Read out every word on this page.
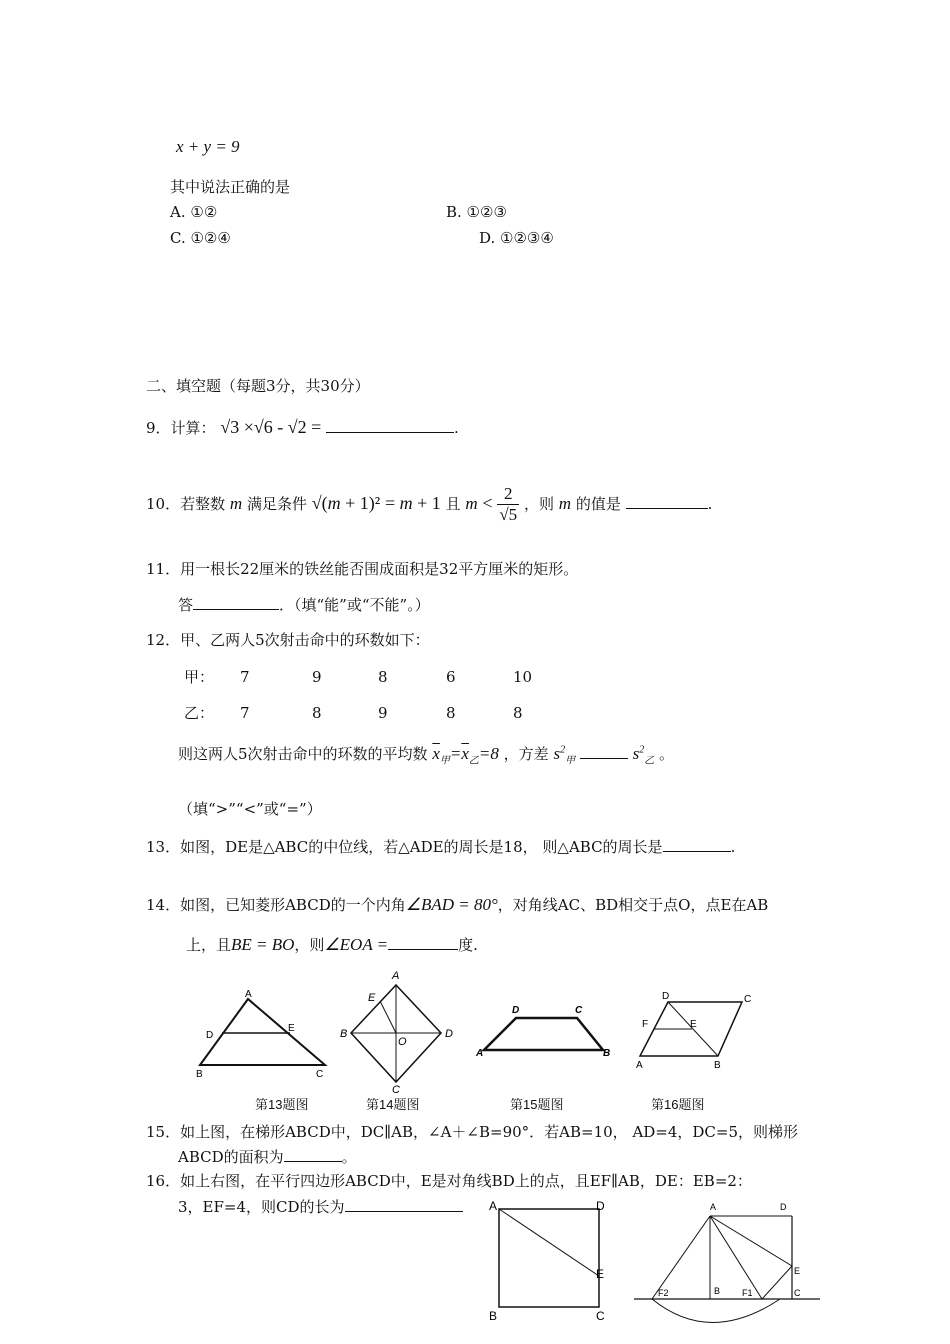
x + y = 9
其中说法正确的是
A. ①②	B. ①②③
C. ①②④	D. ①②③④
二、填空题（每题3分，共30分）
9．计算： √3 ×√6 - √2 =	.
10．若整数 m 满足条件 √(m + 1)² = m + 1 且 $m < \frac{2}{√5}$ ，则 m 的值是	.
11．用一根长22厘米的铁丝能否围成面积是32平方厘米的矩形。
答	．（填“能”或“不能”。）
12．甲、乙两人5次射击命中的环数如下：
甲： 7	9	8	6	10
乙： 7	8	9	8	8
则这两人5次射击命中的环数的平均数 $\overline{x}_甲=\overline{x}_乙=8$ ，方差 $s^2_甲$	$s^2_乙$ 。
（填“>”“<”或“=”）
13．如图，DE是△ABC的中位线，若△ADE的周长是18， 则△ABC的周长是	.
14．如图，已知菱形ABCD的一个内角∠BAD = 80°，对角线AC、BD相交于点O，点E在AB
上，且BE = BO，则∠EOA =	度.
A
D
E
B	C
A
E
B
O
D
C
D	C
A	B
D	C
F	E
A	B
第13题图	第14题图	第15题图	第16题图
15．如上图，在梯形ABCD中，DC∥AB，∠A＋∠B=90°．若AB=10， AD=4，DC=5，则梯形
ABCD的面积为	。
16．如上右图，在平行四边形ABCD中，E是对角线BD上的点，且EF∥AB，DE：EB=2：
3，EF=4，则CD的长为	A	D
E
B	C
A	D
E
F2	B F1	C
